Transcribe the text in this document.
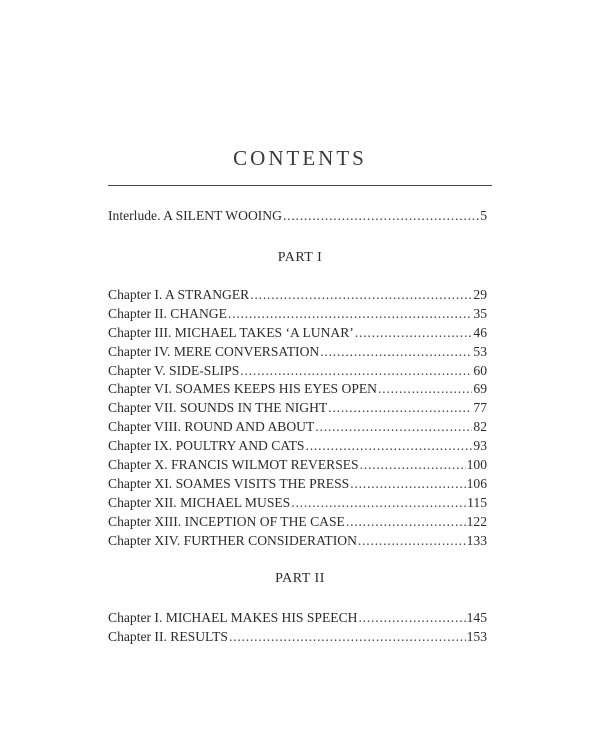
CONTENTS
Interlude. A SILENT WOOING . . .	5
PART I
Chapter I. A STRANGER . . .	29
Chapter II. CHANGE . . .	35
Chapter III. MICHAEL TAKES ‘A LUNAR’ . . .	46
Chapter IV. MERE CONVERSATION . . .	53
Chapter V. SIDE-SLIPS . . .	60
Chapter VI. SOAMES KEEPS HIS EYES OPEN . . .	69
Chapter VII. SOUNDS IN THE NIGHT . . .	77
Chapter VIII. ROUND AND ABOUT . . .	82
Chapter IX. POULTRY AND CATS . . .	93
Chapter X. FRANCIS WILMOT REVERSES . . .	100
Chapter XI. SOAMES VISITS THE PRESS . . .	106
Chapter XII. MICHAEL MUSES . . .	115
Chapter XIII. INCEPTION OF THE CASE . . .	122
Chapter XIV. FURTHER CONSIDERATION . . .	133
PART II
Chapter I. MICHAEL MAKES HIS SPEECH . . .	145
Chapter II. RESULTS . . .	153
